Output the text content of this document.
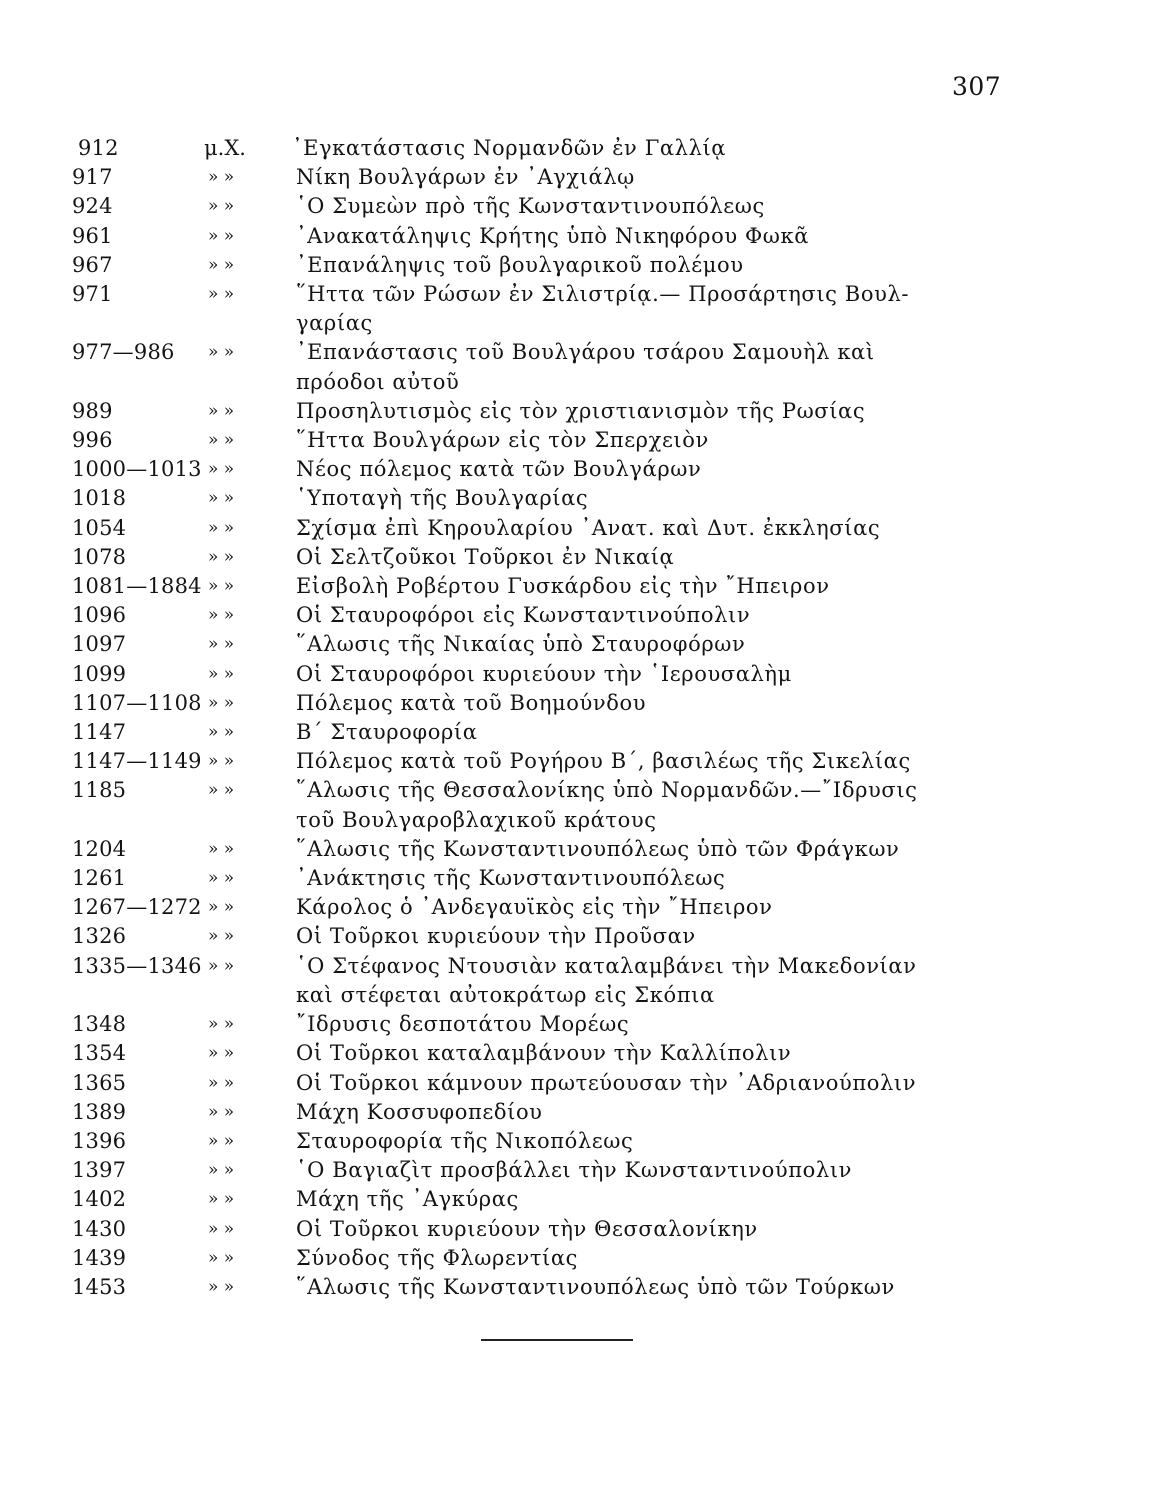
307
912	μ.Χ.	᾿Εγκατάστασις Νορμανδῶν ἐν Γαλλίᾳ
917	» »	Νίκη Βουλγάρων ἐν ᾿Αγχιάλῳ
924	» »	῾Ο Συμεὼν πρὸ τῆς Κωνσταντινουπόλεως
961	» »	᾿Ανακατάληψις Κρήτης ὑπὸ Νικηφόρου Φωκᾶ
967	» »	᾿Επανάληψις τοῦ βουλγαρικοῦ πολέμου
971	» »	῞Ηττα τῶν Ρώσων ἐν Σιλιστρίᾳ.— Προσάρτησις Βουλ-
γαρίας
977—986	» »	᾿Επανάστασις τοῦ Βουλγάρου τσάρου Σαμουὴλ καὶ
πρόοδοι αὐτοῦ
989	» »	Προσηλυτισμὸς εἰς τὸν χριστιανισμὸν τῆς Ρωσίας
996	» »	῞Ηττα Βουλγάρων εἰς τὸν Σπερχειὸν
1000—1013 » »	Νέος πόλεμος κατὰ τῶν Βουλγάρων
1018	» »	῾Υποταγὴ τῆς Βουλγαρίας
1054	» »	Σχίσμα ἐπὶ Κηρουλαρίου ᾿Ανατ. καὶ Δυτ. ἐκκλησίας
1078	» »	Οἱ Σελτζοῦκοι Τοῦρκοι ἐν Νικαίᾳ
1081—1884 » »	Εἰσβολὴ Ροβέρτου Γυσκάρδου εἰς τὴν ῎Ηπειρον
1096	» »	Οἱ Σταυροφόροι εἰς Κωνσταντινούπολιν
1097	» »	῞Αλωσις τῆς Νικαίας ὑπὸ Σταυροφόρων
1099	» »	Οἱ Σταυροφόροι κυριεύουν τὴν ῾Ιερουσαλὴμ
1107—1108 » »	Πόλεμος κατὰ τοῦ Βοημούνδου
1147	» »	Β΄ Σταυροφορία
1147—1149 » »	Πόλεμος κατὰ τοῦ Ρογήρου Β΄, βασιλέως τῆς Σικελίας
1185	» »	῞Αλωσις τῆς Θεσσαλονίκης ὑπὸ Νορμανδῶν.—῎Ιδρυσις
τοῦ Βουλγαροβλαχικοῦ κράτους
1204	» »	῞Αλωσις τῆς Κωνσταντινουπόλεως ὑπὸ τῶν Φράγκων
1261	» »	᾿Ανάκτησις τῆς Κωνσταντινουπόλεως
1267—1272 » »	Κάρολος ὁ ᾿Ανδεγαυϊκὸς εἰς τὴν ῎Ηπειρον
1326	» »	Οἱ Τοῦρκοι κυριεύουν τὴν Προῦσαν
1335—1346 » »	῾Ο Στέφανος Ντουσιὰν καταλαμβάνει τὴν Μακεδονίαν
καὶ στέφεται αὐτοκράτωρ εἰς Σκόπια
1348	» »	῎Ιδρυσις δεσποτάτου Μορέως
1354	» »	Οἱ Τοῦρκοι καταλαμβάνουν τὴν Καλλίπολιν
1365	» »	Οἱ Τοῦρκοι κάμνουν πρωτεύουσαν τὴν ᾿Αδριανούπολιν
1389	» »	Μάχη Κοσσυφοπεδίου
1396	» »	Σταυροφορία τῆς Νικοπόλεως
1397	» »	῾Ο Βαγιαζὶτ προσβάλλει τὴν Κωνσταντινούπολιν
1402	» »	Μάχη τῆς ᾿Αγκύρας
1430	» »	Οἱ Τοῦρκοι κυριεύουν τὴν Θεσσαλονίκην
1439	» »	Σύνοδος τῆς Φλωρεντίας
1453	» »	῞Αλωσις τῆς Κωνσταντινουπόλεως ὑπὸ τῶν Τούρκων
